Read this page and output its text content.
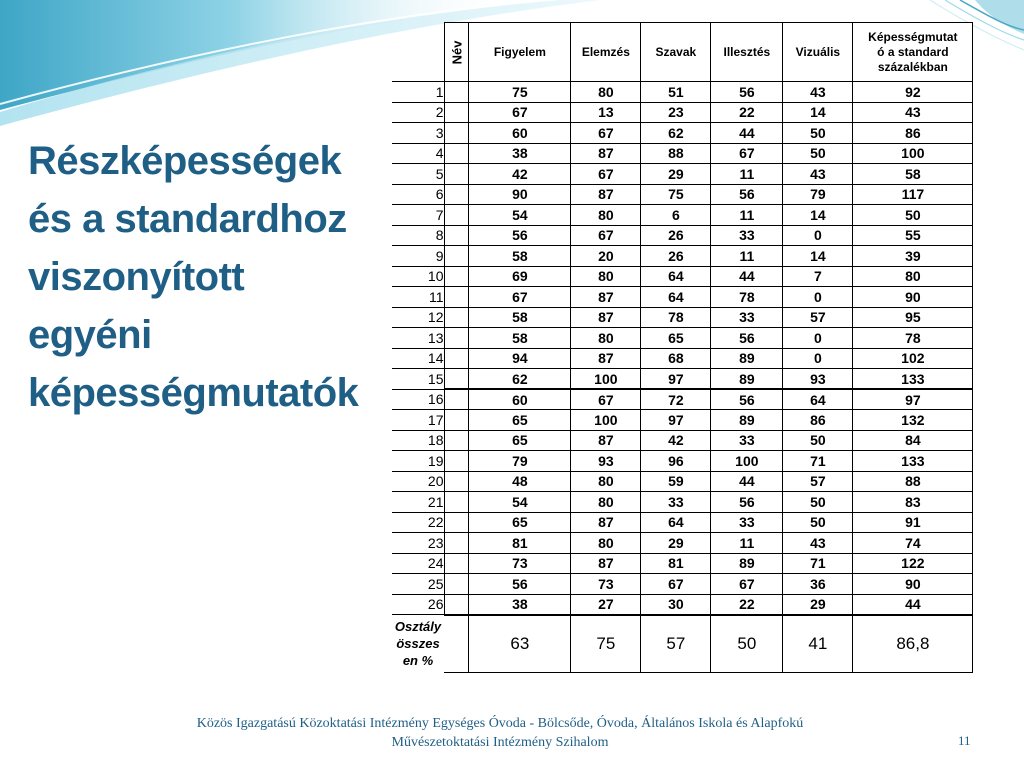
Részképességek
és a standardhoz
viszonyított
egyéni
képességmutatók
	Név	Figyelem	Elemzés	Szavak	Illesztés	Vizuális	Képességmutat
ó a standard
százalékban

1		75	80	51	56	43	92
2		67	13	23	22	14	43
3		60	67	62	44	50	86
4		38	87	88	67	50	100
5		42	67	29	11	43	58
6		90	87	75	56	79	117
7		54	80	6	11	14	50
8		56	67	26	33	0	55
9		58	20	26	11	14	39
10		69	80	64	44	7	80
11		67	87	64	78	0	90
12		58	87	78	33	57	95
13		58	80	65	56	0	78
14		94	87	68	89	0	102
15		62	100	97	89	93	133
16		60	67	72	56	64	97
17		65	100	97	89	86	132
18		65	87	42	33	50	84
19		79	93	96	100	71	133
20		48	80	59	44	57	88
21		54	80	33	56	50	83
22		65	87	64	33	50	91
23		81	80	29	11	43	74
24		73	87	81	89	71	122
25		56	73	67	67	36	90
26		38	27	30	22	29	44

Osztály
összes
en %		63	75	57	50	41	86,8
Közös Igazgatású Közoktatási Intézmény Egységes Óvoda - Bölcsőde, Óvoda, Általános Iskola és Alapfokú
Művészetoktatási Intézmény Szihalom	11
